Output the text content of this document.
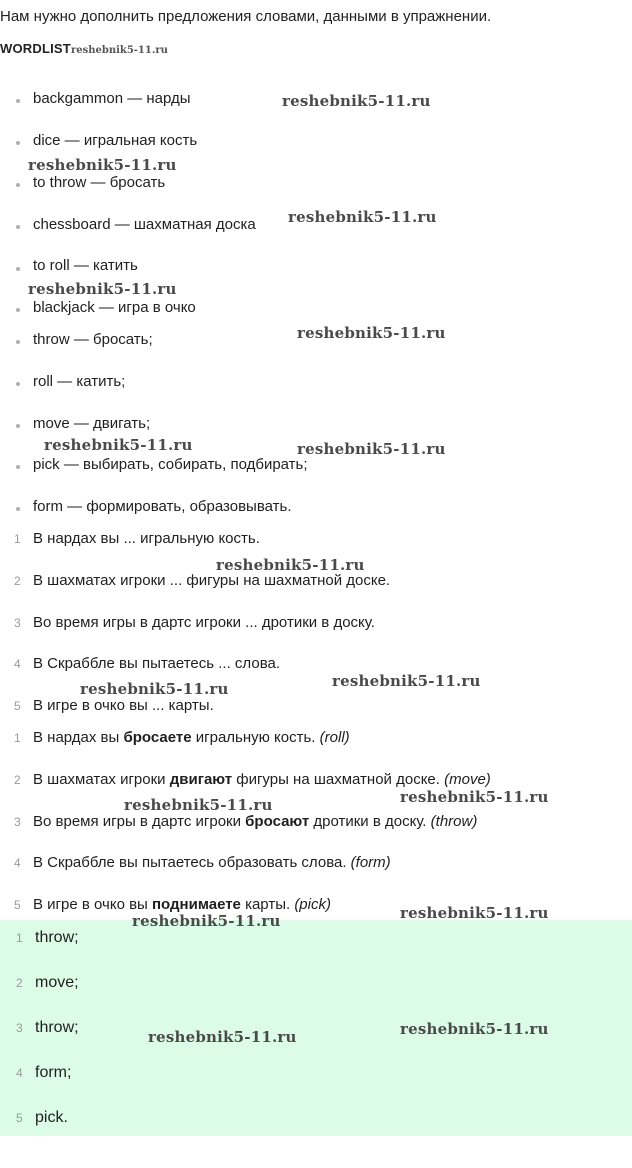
Нам нужно дополнить предложения словами, данными в упражнении.
WORDLISTreshebnik5-11.ru
backgammon — нарды
dice — игральная кость
to throw — бросать
chessboard — шахматная доска
to roll — катить
blackjack — игра в очко
throw — бросать;
roll — катить;
move — двигать;
pick — выбирать, собирать, подбирать;
form — формировать, образовывать.
1 В нардах вы ... игральную кость.
2 В шахматах игроки ... фигуры на шахматной доске.
3 Во время игры в дартс игроки ... дротики в доску.
4 В Скраббле вы пытаетесь ... слова.
5 В игре в очко вы ... карты.
1 В нардах вы бросаете игральную кость. (roll)
2 В шахматах игроки двигают фигуры на шахматной доске. (move)
3 Во время игры в дартс игроки бросают дротики в доску. (throw)
4 В Скраббле вы пытаетесь образовать слова. (form)
5 В игре в очко вы поднимаете карты. (pick)
1 throw;
2 move;
3 throw;
4 form;
5 pick.
reshebnik5-11.ru
reshebnik5-11.ru
reshebnik5-11.ru
reshebnik5-11.ru
reshebnik5-11.ru
reshebnik5-11.ru	reshebnik5-11.ru
reshebnik5-11.ru
reshebnik5-11.ru
reshebnik5-11.ru
reshebnik5-11.ru
reshebnik5-11.ru
reshebnik5-11.ru
reshebnik5-11.ru
reshebnik5-11.ru
reshebnik5-11.ru
